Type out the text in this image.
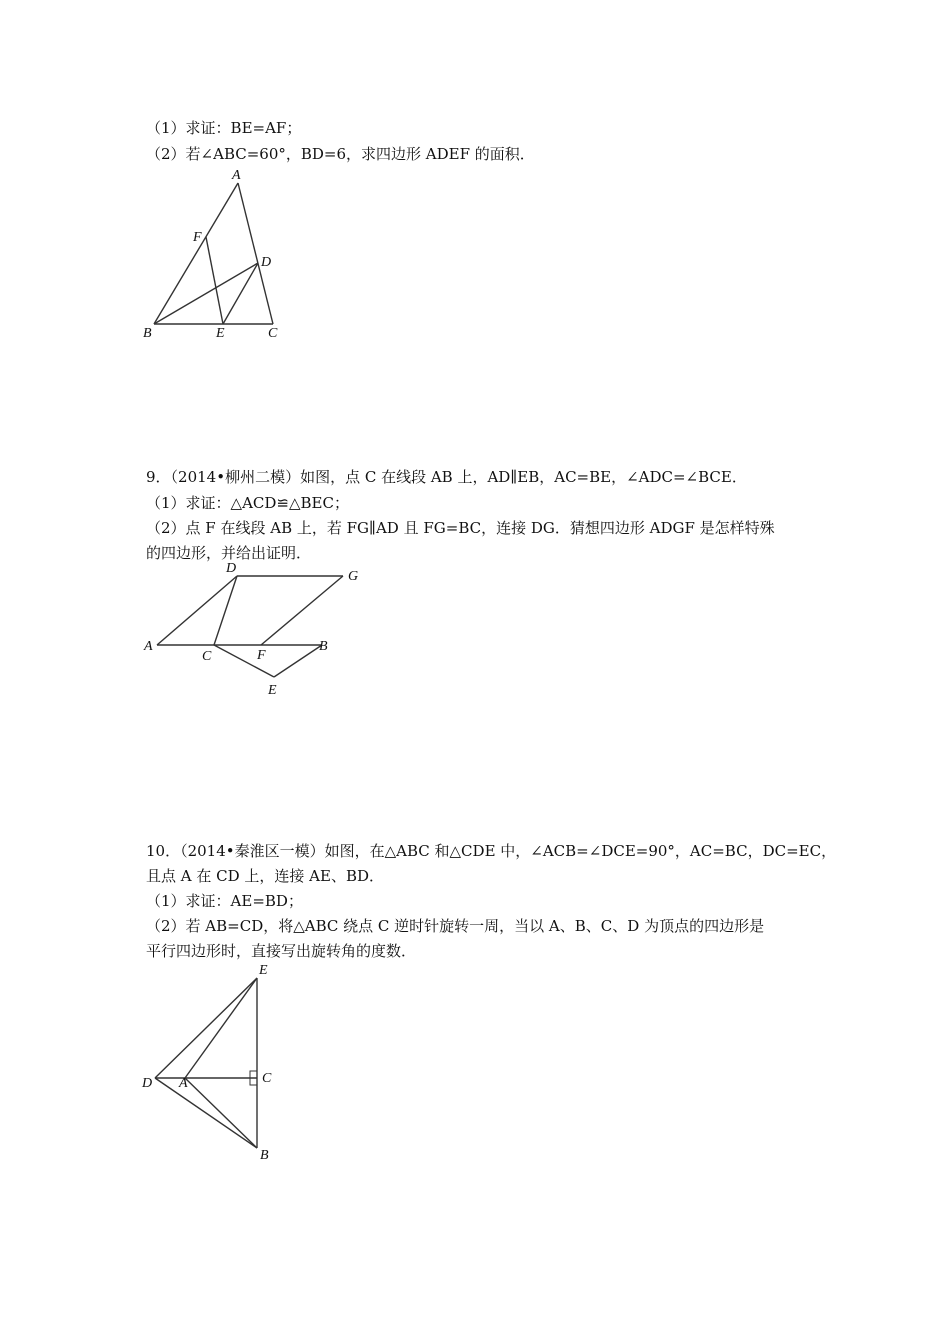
（1）求证：BE=AF；
（2）若∠ABC=60°，BD=6，求四边形 ADEF 的面积．
A
F
D
B	E	C
9．（2014•柳州二模）如图，点 C 在线段 AB 上，AD∥EB，AC=BE，∠ADC=∠BCE．
（1）求证：△ACD≌△BEC；
（2）点 F 在线段 AB 上，若 FG∥AD 且 FG=BC，连接 DG．猜想四边形 ADGF 是怎样特殊
的四边形，并给出证明．
D
G
A
C	F
B
E
10．（2014•秦淮区一模）如图，在△ABC 和△CDE 中，∠ACB=∠DCE=90°，AC=BC，DC=EC，
且点 A 在 CD 上，连接 AE、BD．
（1）求证：AE=BD；
（2）若 AB=CD，将△ABC 绕点 C 逆时针旋转一周，当以 A、B、C、D 为顶点的四边形是
平行四边形时，直接写出旋转角的度数．
E
D A	C
B
